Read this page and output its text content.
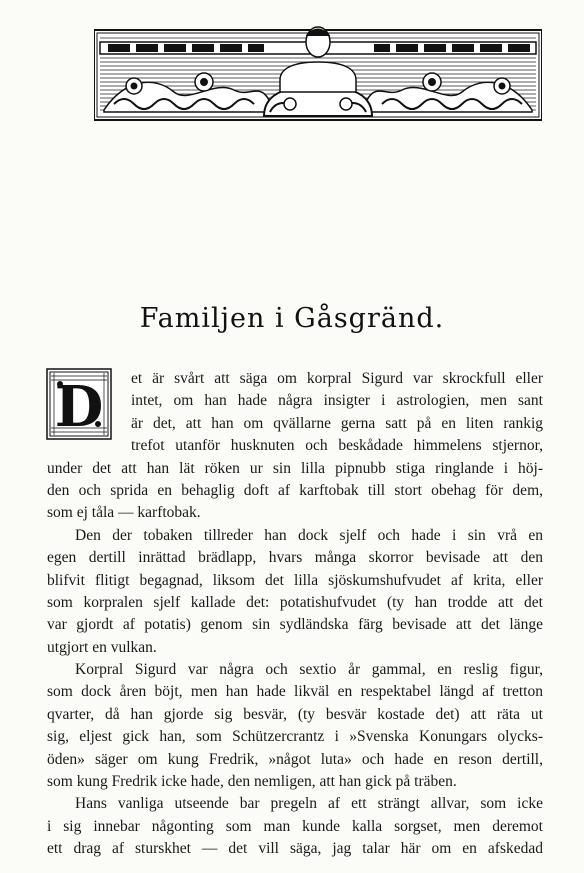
Familjen i Gåsgränd.
D	et är svårt att säga om korpral Sigurd var skrockfull eller
intet, om han hade några insigter i astrologien, men sant
är det, att han om qvällarne gerna satt på en liten rankig
trefot utanför husknuten och beskådade himmelens stjernor,
under det att han lät röken ur sin lilla pipnubb stiga ringlande i höj-
den och sprida en behaglig doft af karftobak till stort obehag för dem,
som ej tåla — karftobak.
Den der tobaken tillreder han dock sjelf och hade i sin vrå en
egen dertill inrättad brädlapp, hvars många skorror bevisade att den
blifvit flitigt begagnad, liksom det lilla sjöskumshufvudet af krita, eller
som korpralen sjelf kallade det: potatishufvudet (ty han trodde att det
var gjordt af potatis) genom sin sydländska färg bevisade att det länge
utgjort en vulkan.
Korpral Sigurd var några och sextio år gammal, en reslig figur,
som dock åren böjt, men han hade likväl en respektabel längd af tretton
qvarter, då han gjorde sig besvär, (ty besvär kostade det) att räta ut
sig, eljest gick han, som Schützercrantz i »Svenska Konungars olycks-
öden» säger om kung Fredrik, »något luta» och hade en reson dertill,
som kung Fredrik icke hade, den nemligen, att han gick på träben.
Hans vanliga utseende bar pregeln af ett strängt allvar, som icke
i sig innebar någonting som man kunde kalla sorgset, men deremot
ett drag af sturskhet — det vill säga, jag talar här om en afskedad
